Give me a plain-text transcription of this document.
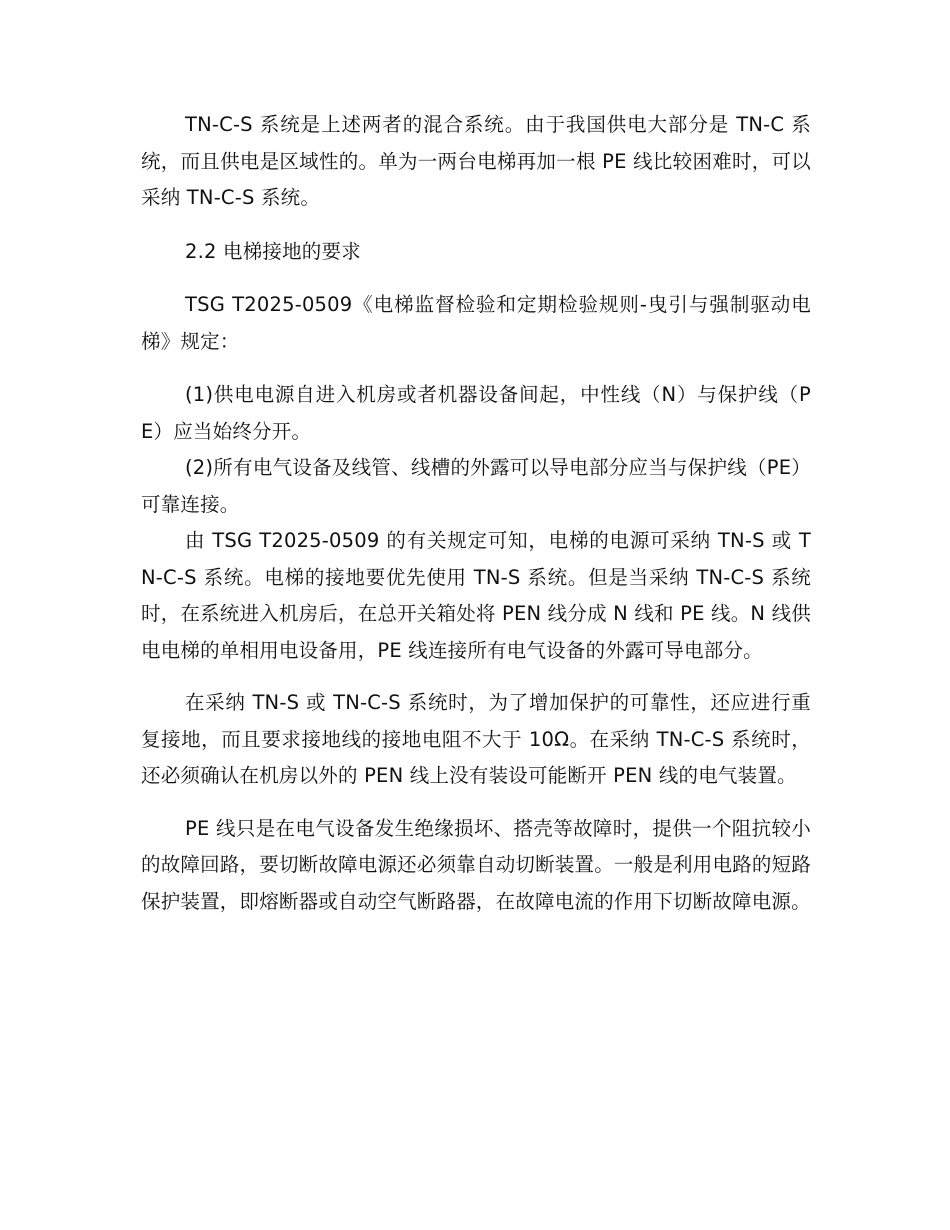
TN-C-S 系统是上述两者的混合系统。由于我国供电大部分是 TN-C 系统，而且供电是区域性的。单为一两台电梯再加一根 PE 线比较困难时，可以采纳 TN-C-S 系统。

2.2 电梯接地的要求

TSG T2025-0509《电梯监督检验和定期检验规则-曳引与强制驱动电梯》规定：

(1)供电电源自进入机房或者机器设备间起，中性线（N）与保护线（PE）应当始终分开。

(2)所有电气设备及线管、线槽的外露可以导电部分应当与保护线（PE）可靠连接。

由 TSG T2025-0509 的有关规定可知，电梯的电源可采纳 TN-S 或 TN-C-S 系统。电梯的接地要优先使用 TN-S 系统。但是当采纳 TN-C-S 系统时，在系统进入机房后，在总开关箱处将 PEN 线分成 N 线和 PE 线。N 线供电电梯的单相用电设备用，PE 线连接所有电气设备的外露可导电部分。

在采纳 TN-S 或 TN-C-S 系统时，为了增加保护的可靠性，还应进行重复接地，而且要求接地线的接地电阻不大于 10Ω。在采纳 TN-C-S 系统时，还必须确认在机房以外的 PEN 线上没有装设可能断开 PEN 线的电气装置。

PE 线只是在电气设备发生绝缘损坏、搭壳等故障时，提供一个阻抗较小的故障回路，要切断故障电源还必须靠自动切断装置。一般是利用电路的短路保护装置，即熔断器或自动空气断路器，在故障电流的作用下切断故障电源。
